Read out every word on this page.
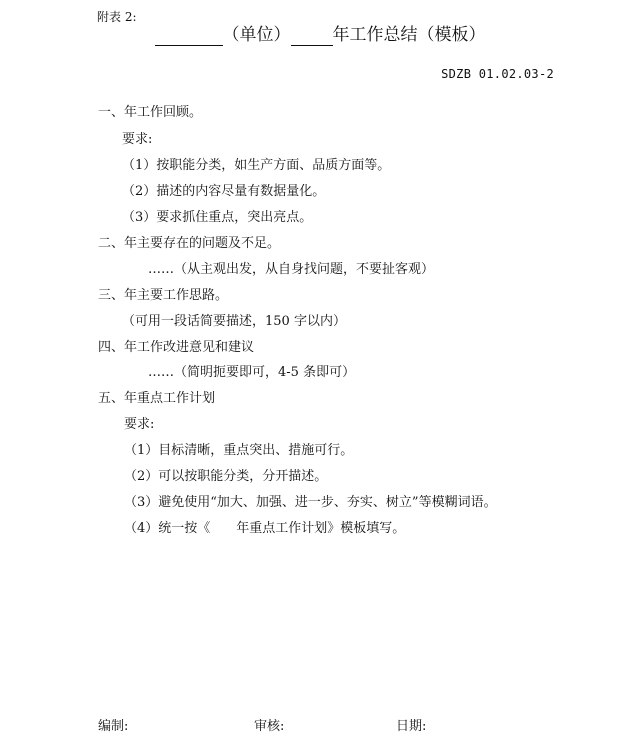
附表 2:
（单位） 年工作总结（模板）
SDZB 01.02.03-2
一、年工作回顾。
要求:
（1）按职能分类，如生产方面、品质方面等。
（2）描述的内容尽量有数据量化。
（3）要求抓住重点，突出亮点。
二、年主要存在的问题及不足。
……（从主观出发，从自身找问题，不要扯客观）
三、年主要工作思路。
（可用一段话简要描述，150 字以内）
四、年工作改进意见和建议
……（简明扼要即可，4-5 条即可）
五、年重点工作计划
要求:
（1）目标清晰，重点突出、措施可行。
（2）可以按职能分类，分开描述。
（3）避免使用“加大、加强、进一步、夯实、树立”等模糊词语。
（4）统一按《　　年重点工作计划》模板填写。
编制:	审核:	日期:
